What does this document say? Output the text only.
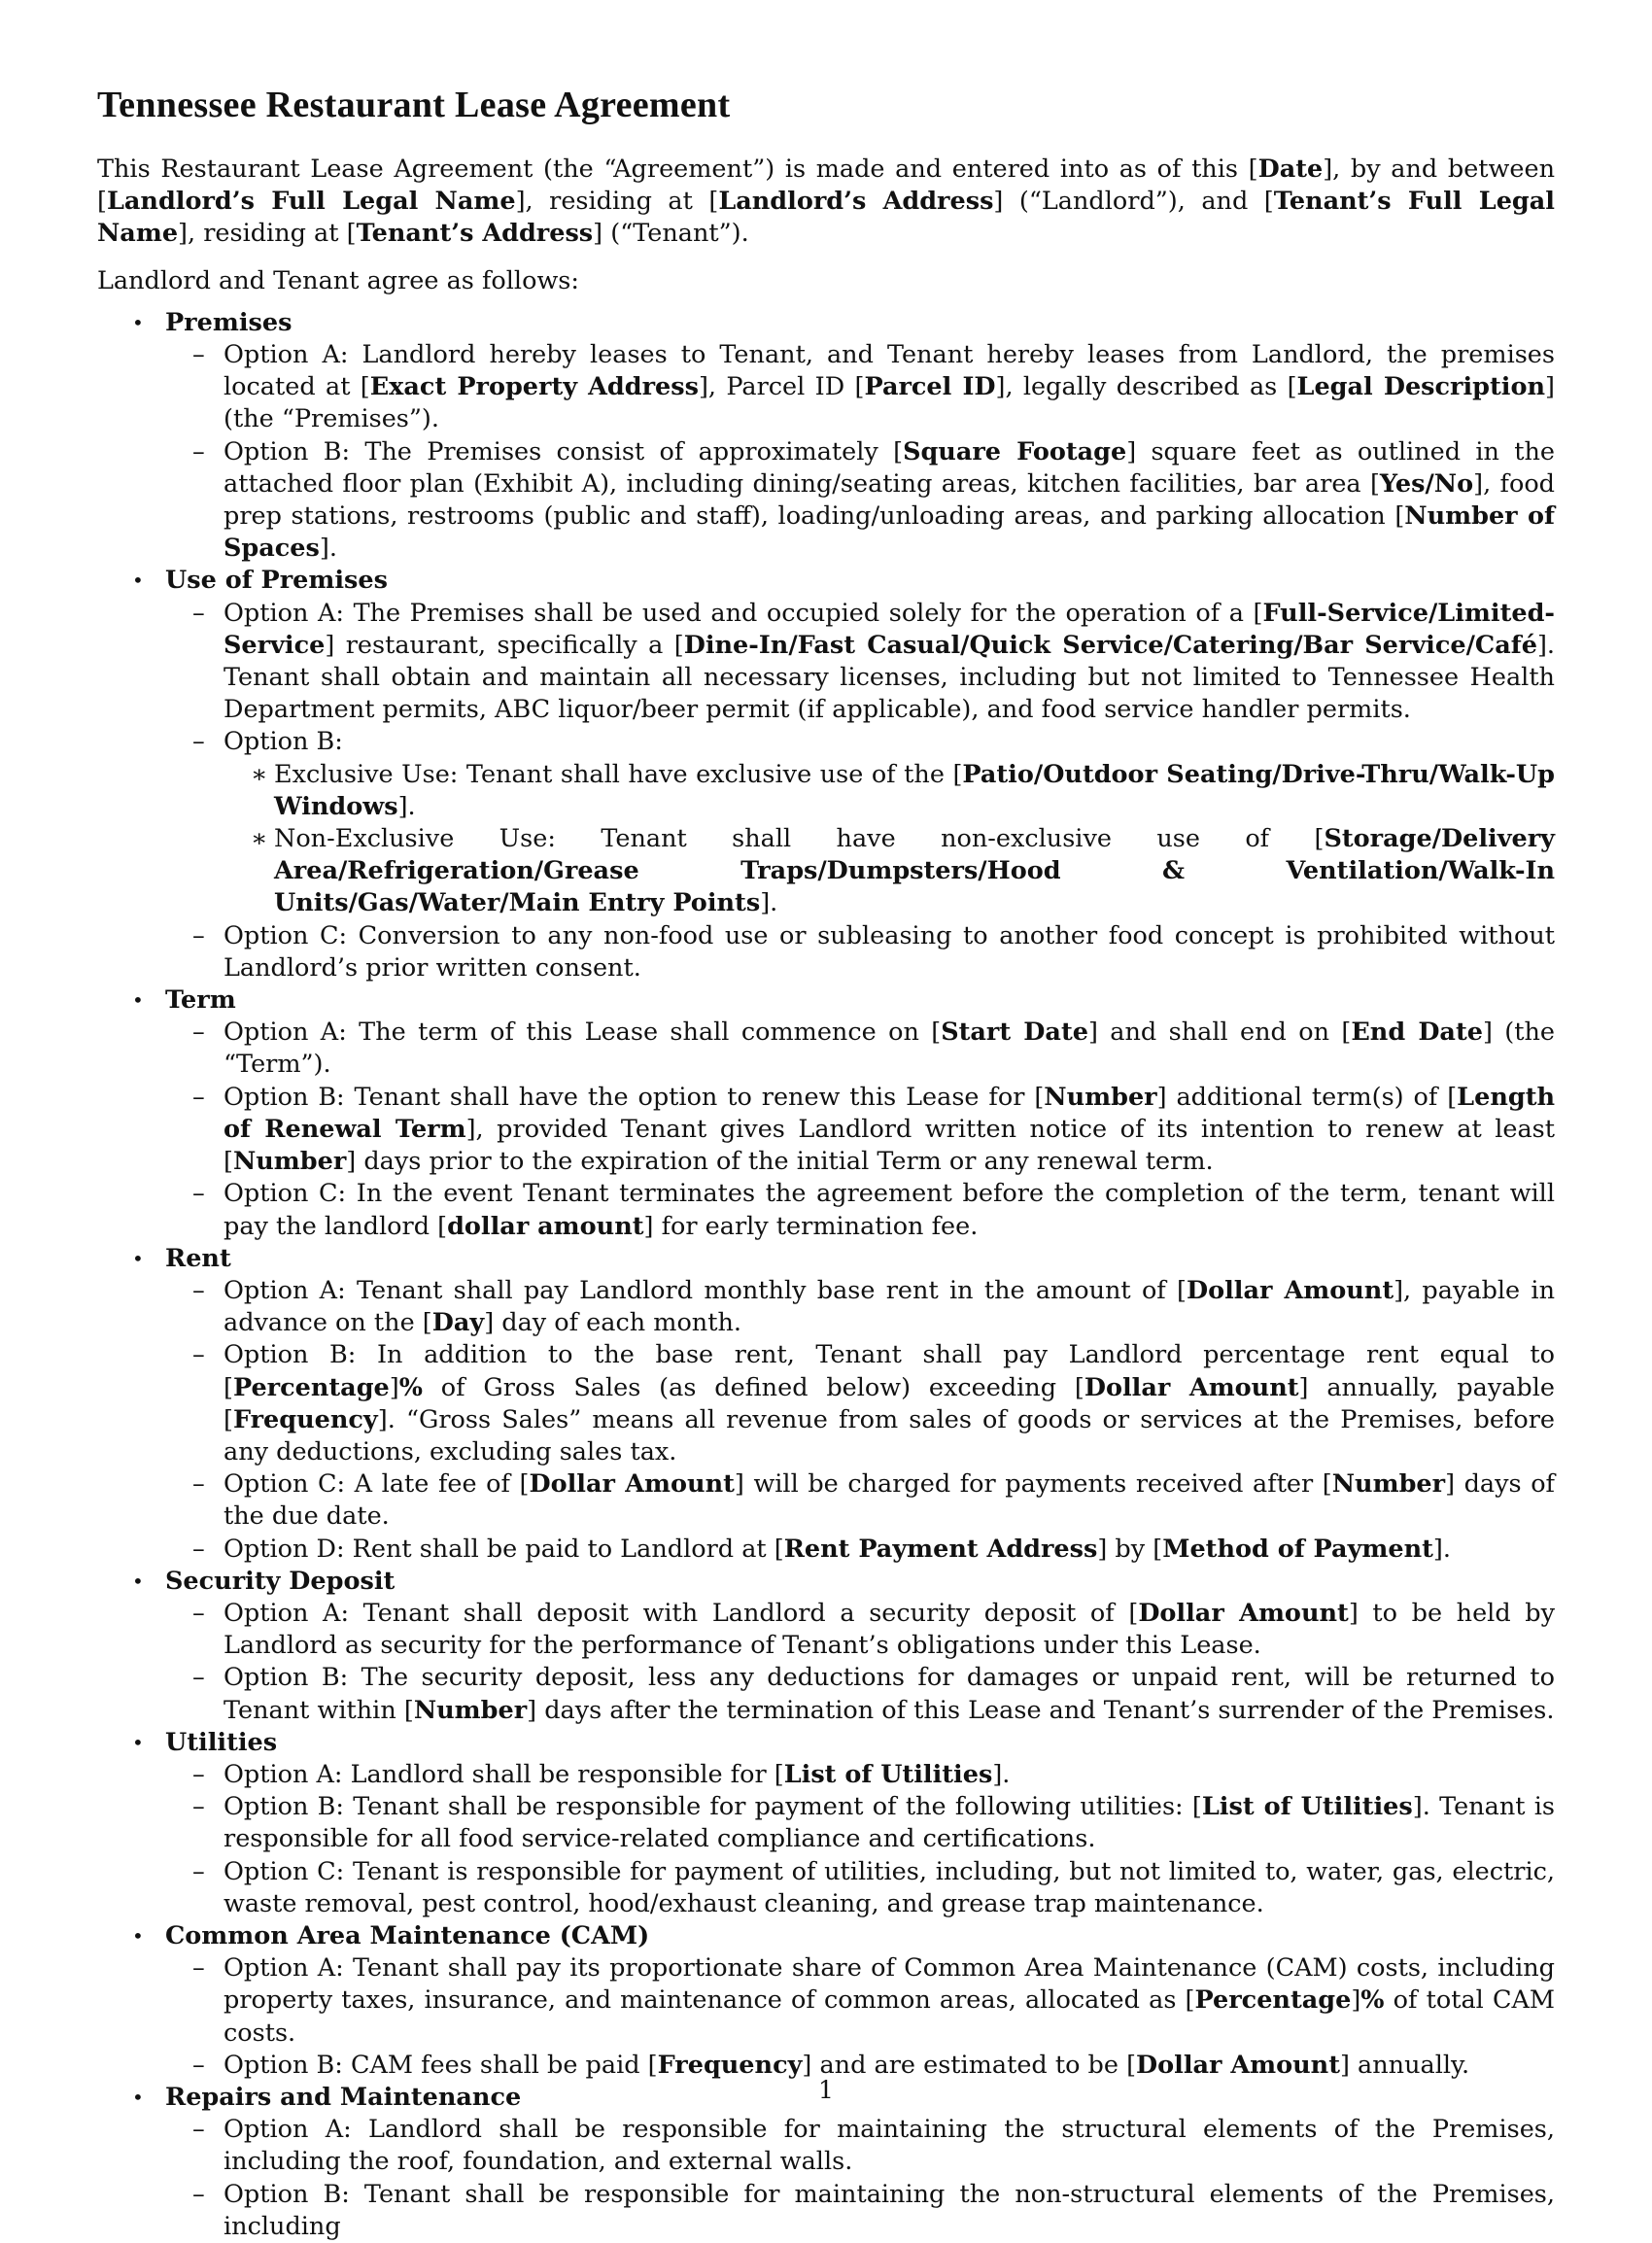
Tennessee Restaurant Lease Agreement

This Restaurant Lease Agreement (the “Agreement”) is made and entered into as of this [Date], by and between [Landlord’s Full Legal Name], residing at [Landlord’s Address] (“Landlord”), and [Tenant’s Full Legal Name], residing at [Tenant’s Address] (“Tenant”).

Landlord and Tenant agree as follows:

• Premises
– Option A: Landlord hereby leases to Tenant, and Tenant hereby leases from Landlord, the premises located at [Exact Property Address], Parcel ID [Parcel ID], legally described as [Legal Description] (the “Premises”).
– Option B: The Premises consist of approximately [Square Footage] square feet as outlined in the attached floor plan (Exhibit A), including dining/seating areas, kitchen facilities, bar area [Yes/No], food prep stations, restrooms (public and staff), loading/unloading areas, and parking allocation [Number of Spaces].
• Use of Premises
– Option A: The Premises shall be used and occupied solely for the operation of a [Full-Service/Limited-Service] restaurant, specifically a [Dine-In/Fast Casual/Quick Service/Catering/Bar Service/Café]. Tenant shall obtain and maintain all necessary licenses, including but not limited to Tennessee Health Department permits, ABC liquor/beer permit (if applicable), and food service handler permits.
– Option B:
∗ Exclusive Use: Tenant shall have exclusive use of the [Patio/Outdoor Seating/Drive-Thru/Walk-Up Windows].
∗ Non-Exclusive Use: Tenant shall have non-exclusive use of [Storage/Delivery Area/Refrigeration/Grease Traps/Dumpsters/Hood & Ventilation/Walk-In Units/Gas/Water/Main Entry Points].
– Option C: Conversion to any non-food use or subleasing to another food concept is prohibited without Landlord’s prior written consent.
• Term
– Option A: The term of this Lease shall commence on [Start Date] and shall end on [End Date] (the “Term”).
– Option B: Tenant shall have the option to renew this Lease for [Number] additional term(s) of [Length of Renewal Term], provided Tenant gives Landlord written notice of its intention to renew at least [Number] days prior to the expiration of the initial Term or any renewal term.
– Option C: In the event Tenant terminates the agreement before the completion of the term, tenant will pay the landlord [dollar amount] for early termination fee.
• Rent
– Option A: Tenant shall pay Landlord monthly base rent in the amount of [Dollar Amount], payable in advance on the [Day] day of each month.
– Option B: In addition to the base rent, Tenant shall pay Landlord percentage rent equal to [Percentage]% of Gross Sales (as defined below) exceeding [Dollar Amount] annually, payable [Frequency]. “Gross Sales” means all revenue from sales of goods or services at the Premises, before any deductions, excluding sales tax.
– Option C: A late fee of [Dollar Amount] will be charged for payments received after [Number] days of the due date.
– Option D: Rent shall be paid to Landlord at [Rent Payment Address] by [Method of Payment].
• Security Deposit
– Option A: Tenant shall deposit with Landlord a security deposit of [Dollar Amount] to be held by Landlord as security for the performance of Tenant’s obligations under this Lease.
– Option B: The security deposit, less any deductions for damages or unpaid rent, will be returned to Tenant within [Number] days after the termination of this Lease and Tenant’s surrender of the Premises.
• Utilities
– Option A: Landlord shall be responsible for [List of Utilities].
– Option B: Tenant shall be responsible for payment of the following utilities: [List of Utilities]. Tenant is responsible for all food service-related compliance and certifications.
– Option C: Tenant is responsible for payment of utilities, including, but not limited to, water, gas, electric, waste removal, pest control, hood/exhaust cleaning, and grease trap maintenance.
• Common Area Maintenance (CAM)
– Option A: Tenant shall pay its proportionate share of Common Area Maintenance (CAM) costs, including property taxes, insurance, and maintenance of common areas, allocated as [Percentage]% of total CAM costs.
– Option B: CAM fees shall be paid [Frequency] and are estimated to be [Dollar Amount] annually.
• Repairs and Maintenance
– Option A: Landlord shall be responsible for maintaining the structural elements of the Premises, including the roof, foundation, and external walls.
– Option B: Tenant shall be responsible for maintaining the non-structural elements of the Premises, including
1
